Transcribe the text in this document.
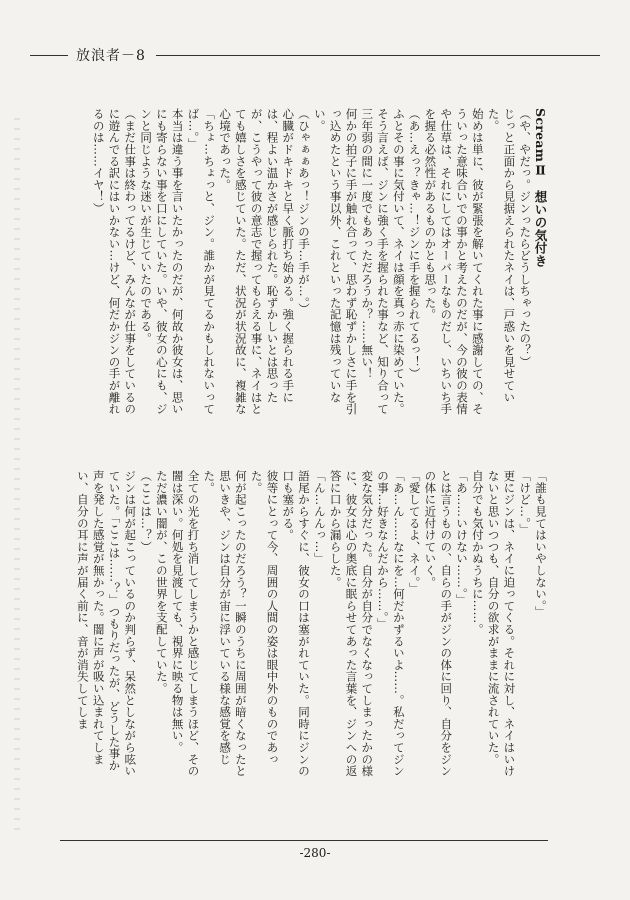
放浪者－8

ScreamⅡ　想いの気付き

（や、やだっ。ジンったらどうしちゃったの？）

じっと正面から見据えられたネイは、戸惑いを見せていた。

始めは単に、彼が緊張を解いてくれた事に感謝しての、そういった意味合いでの事かと考えたのだが、今の彼の表情や仕草は、それにしてはオーバーなものだし、いちいち手を握る必然性があるものかとも思った。

（あ…えっ？きゃ…！ジンに手を握られてるっ！）

ふとその事に気付いて、ネイは顔を真っ赤に染めていた。

そう言えば、ジンに強く手を握られた事など、知り合って三年弱の間に一度でもあっただろうか？……無い！

何かの拍子に手が触れ合って、思わず恥ずかしさに手を引っ込めたという事以外、これといった記憶は残っていない。

（ひゃぁぁあっ！ジンの手…手が…。）

心臓がドキドキと早く脈打ち始める。強く握られる手には、程よい温かさが感じられた。恥ずかしいとは思ったが、こうやって彼の意志で握ってもらえる事に、ネイはとても嬉しさを感じていた。ただ、状況が状況故に、複雑な心境であった。

「ちょ…ちょっと、ジン。誰かが見てるかもしれないってば…。」

本当は違う事を言いたかったのだが、何故か彼女は、思いにも寄らない事を口にしていた。いや、彼女の心にも、ジンと同じような迷いが生じていたのである。

（まだ仕事は終わってるけど、みんなが仕事をしているのに遊んでる訳にはいかない…けど、何だかジンの手が離れるのは……イヤ！）

「誰も見てはいやしない。」

「けど…。」

更にジンは、ネイに迫ってくる。それに対し、ネイはいけないと思いつつも、自分の欲求がままに流されていた。

自分でも気付かぬうちに……。

「あ……いけない……。」

とは言うものの、自らの手がジンの体に回り、自分をジンの体に近付けていく。

「愛してるよ、ネイ。」

「あ…ん……なにを…何だかずるいよ……。私だってジンの事…好きなんだから……。」

変な気分だった。自分が自分でなくなってしまったかの様に、彼女は心の奥底に眠らせてあった言葉を、ジンへの返答に口から漏らした。

「ん…んんっ…」

語尾からすぐに、彼女の口は塞がれていた。同時にジンの口も塞がる。

彼等にとって今、周囲の人間の姿は眼中外のものであった。

何が起こったのだろう？一瞬のうちに周囲が暗くなったと思いきや、ジンは自分が宙に浮いている様な感覚を感じた。

全ての光を打ち消してしまうかと感じてしまうほど、その闇は深い。何処を見渡しても、視界に映る物は無い。

ただ濃い闇が、この世界を支配していた。

（ここは…？）

ジンは何が起こっているのか判らず、呆然としながら呟いていた。「ここは……？」つもりだったが、どうした事か声を発した感覚が無かった。闇に声が吸い込まれてしまい、自分の耳に声が届く前に、音が消失してしま

-280-
